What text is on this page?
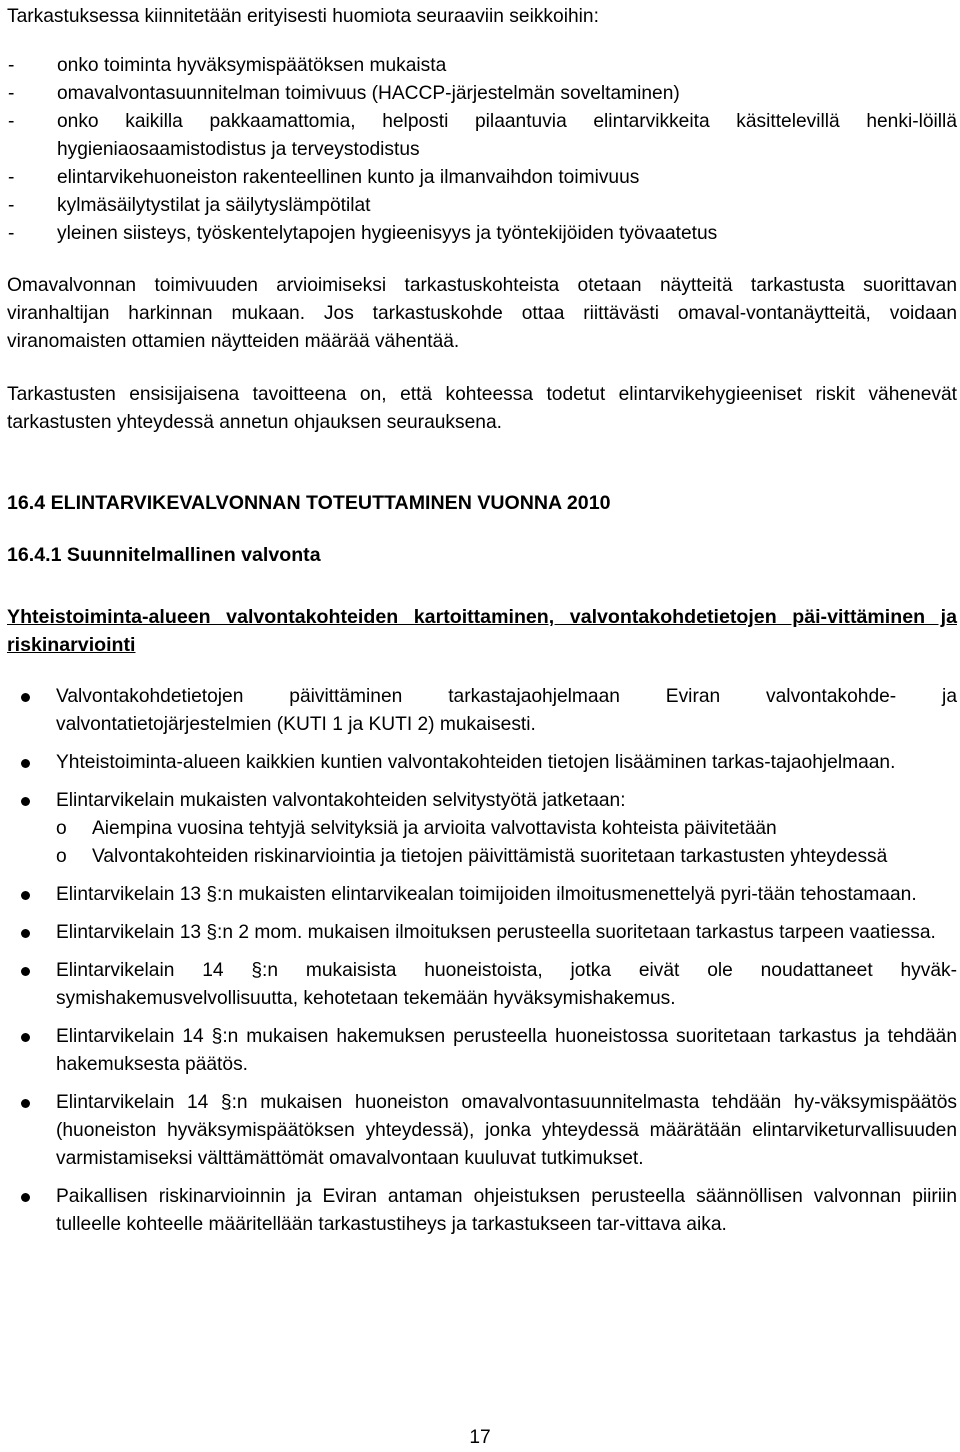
Tarkastuksessa kiinnitetään erityisesti huomiota seuraaviin seikkoihin:

- onko toiminta hyväksymispäätöksen mukaista
- omavalvontasuunnitelman toimivuus (HACCP-järjestelmän soveltaminen)
- onko kaikilla pakkaamattomia, helposti pilaantuvia elintarvikkeita käsittelevillä henki-löillä hygieniaosaamistodistus ja terveystodistus
- elintarvikehuoneiston rakenteellinen kunto ja ilmanvaihdon toimivuus
- kylmäsäilytystilat ja säilytyslämpötilat
- yleinen siisteys, työskentelytapojen hygieenisyys ja työntekijöiden työvaatetus

Omavalvonnan toimivuuden arvioimiseksi tarkastuskohteista otetaan näytteitä tarkastusta suorittavan viranhaltijan harkinnan mukaan. Jos tarkastuskohde ottaa riittävästi omaval-vontanäytteitä, voidaan viranomaisten ottamien näytteiden määrää vähentää.

Tarkastusten ensisijaisena tavoitteena on, että kohteessa todetut elintarvikehygieeniset riskit vähenevät tarkastusten yhteydessä annetun ohjauksen seurauksena.

16.4 ELINTARVIKEVALVONNAN TOTEUTTAMINEN VUONNA 2010

16.4.1 Suunnitelmallinen valvonta

Yhteistoiminta-alueen valvontakohteiden kartoittaminen, valvontakohdetietojen päi-vittäminen ja riskinarviointi

Valvontakohdetietojen päivittäminen tarkastajaohjelmaan Eviran valvontakohde- ja valvontatietojärjestelmien (KUTI 1 ja KUTI 2) mukaisesti.
Yhteistoiminta-alueen kaikkien kuntien valvontakohteiden tietojen lisääminen tarkas-tajaohjelmaan.
Elintarvikelain mukaisten valvontakohteiden selvitystyötä jatketaan:
o Aiempina vuosina tehtyjä selvityksiä ja arvioita valvottavista kohteista päivitetään
o Valvontakohteiden riskinarviointia ja tietojen päivittämistä suoritetaan tarkastusten yhteydessä
Elintarvikelain 13 §:n mukaisten elintarvikealan toimijoiden ilmoitusmenettelyä pyri-tään tehostamaan.
Elintarvikelain 13 §:n 2 mom. mukaisen ilmoituksen perusteella suoritetaan tarkastus tarpeen vaatiessa.
Elintarvikelain 14 §:n mukaisista huoneistoista, jotka eivät ole noudattaneet hyväk-symishakemusvelvollisuutta, kehotetaan tekemään hyväksymishakemus.
Elintarvikelain 14 §:n mukaisen hakemuksen perusteella huoneistossa suoritetaan tarkastus ja tehdään hakemuksesta päätös.
Elintarvikelain 14 §:n mukaisen huoneiston omavalvontasuunnitelmasta tehdään hy-väksymispäätös (huoneiston hyväksymispäätöksen yhteydessä), jonka yhteydessä määrätään elintarviketurvallisuuden varmistamiseksi välttämättömät omavalvontaan kuuluvat tutkimukset.
Paikallisen riskinarvioinnin ja Eviran antaman ohjeistuksen perusteella säännöllisen valvonnan piiriin tulleelle kohteelle määritellään tarkastustiheys ja tarkastukseen tar-vittava aika.
17
